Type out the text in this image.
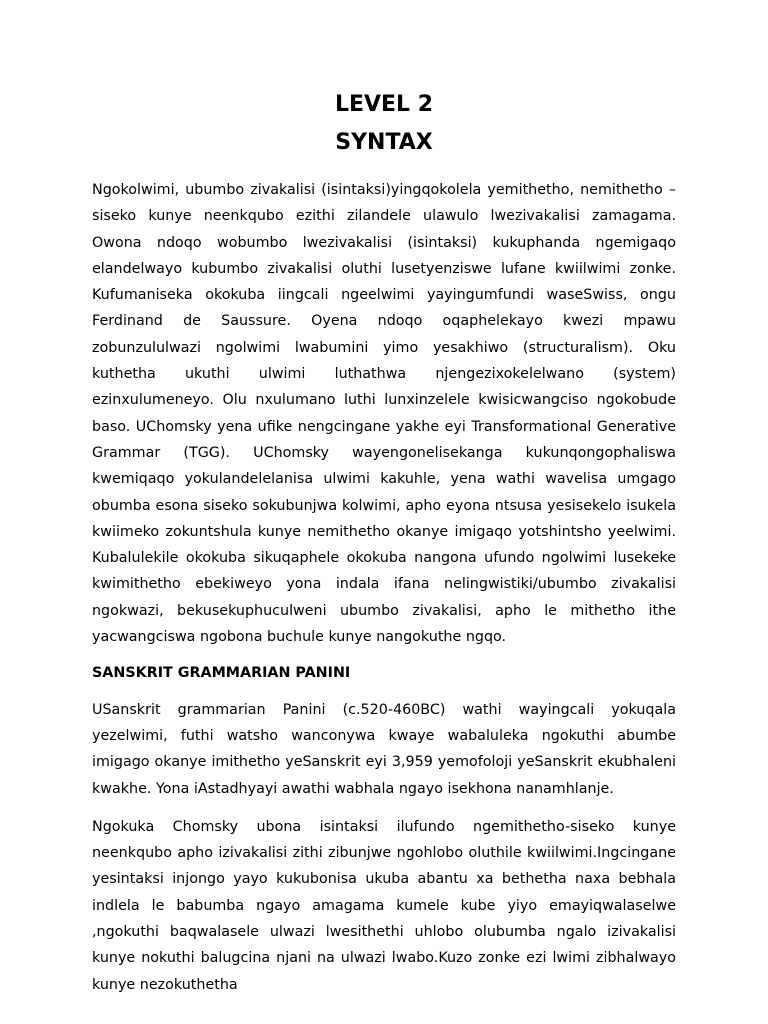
LEVEL 2
SYNTAX

Ngokolwimi, ubumbo zivakalisi (isintaksi)yingqokolela yemithetho, nemithetho – siseko kunye neenkqubo ezithi zilandele ulawulo lwezivakalisi zamagama. Owona ndoqo wobumbo lwezivakalisi (isintaksi) kukuphanda ngemigaqo elandelwayo kubumbo zivakalisi oluthi lusetyenziswe lufane kwiilwimi zonke. Kufumaniseka okokuba iingcali ngeelwimi yayingumfundi waseSwiss, ongu Ferdinand de Saussure. Oyena ndoqo oqaphelekayo kwezi mpawu zobunzululwazi ngolwimi lwabumini yimo yesakhiwo (structuralism). Oku kuthetha ukuthi ulwimi luthathwa njengezixokelelwano (system) ezinxulumeneyo. Olu nxulumano luthi lunxinzelele kwisicwangciso ngokobude baso. UChomsky yena ufike nengcingane yakhe eyi Transformational Generative Grammar (TGG). UChomsky wayengonelisekanga kukunqongophaliswa kwemiqaqo yokulandelelanisa ulwimi kakuhle, yena wathi wavelisa umgago obumba esona siseko sokubunjwa kolwimi, apho eyona ntsusa yesisekelo isukela kwiimeko zokuntshula kunye nemithetho okanye imigaqo yotshintsho yeelwimi. Kubalulekile okokuba sikuqaphele okokuba nangona ufundo ngolwimi lusekeke kwimithetho ebekiweyo yona indala ifana nelingwistiki/ubumbo zivakalisi ngokwazi, bekusekuphuculweni ubumbo zivakalisi, apho le mithetho ithe yacwangciswa ngobona buchule kunye nangokuthe ngqo.

SANSKRIT GRAMMARIAN PANINI

USanskrit grammarian Panini (c.520-460BC) wathi wayingcali yokuqala yezelwimi, futhi watsho wanconywa kwaye wabaluleka ngokuthi abumbe imigago okanye imithetho yeSanskrit eyi 3,959 yemofoloji yeSanskrit ekubhaleni kwakhe. Yona iAstadhyayi awathi wabhala ngayo isekhona nanamhlanje.

Ngokuka Chomsky ubona isintaksi ilufundo ngemithetho-siseko kunye neenkqubo apho izivakalisi zithi zibunjwe ngohlobo oluthile kwiilwimi.Ingcingane yesintaksi injongo yayo kukubonisa ukuba abantu xa bethetha naxa bebhala indlela le babumba ngayo amagama kumele kube yiyo emayiqwalaselwe ,ngokuthi baqwalasele ulwazi lwesithethi uhlobo olubumba ngalo izivakalisi kunye nokuthi balugcina njani na ulwazi lwabo.Kuzo zonke ezi lwimi zibhalwayo kunye nezokuthetha
